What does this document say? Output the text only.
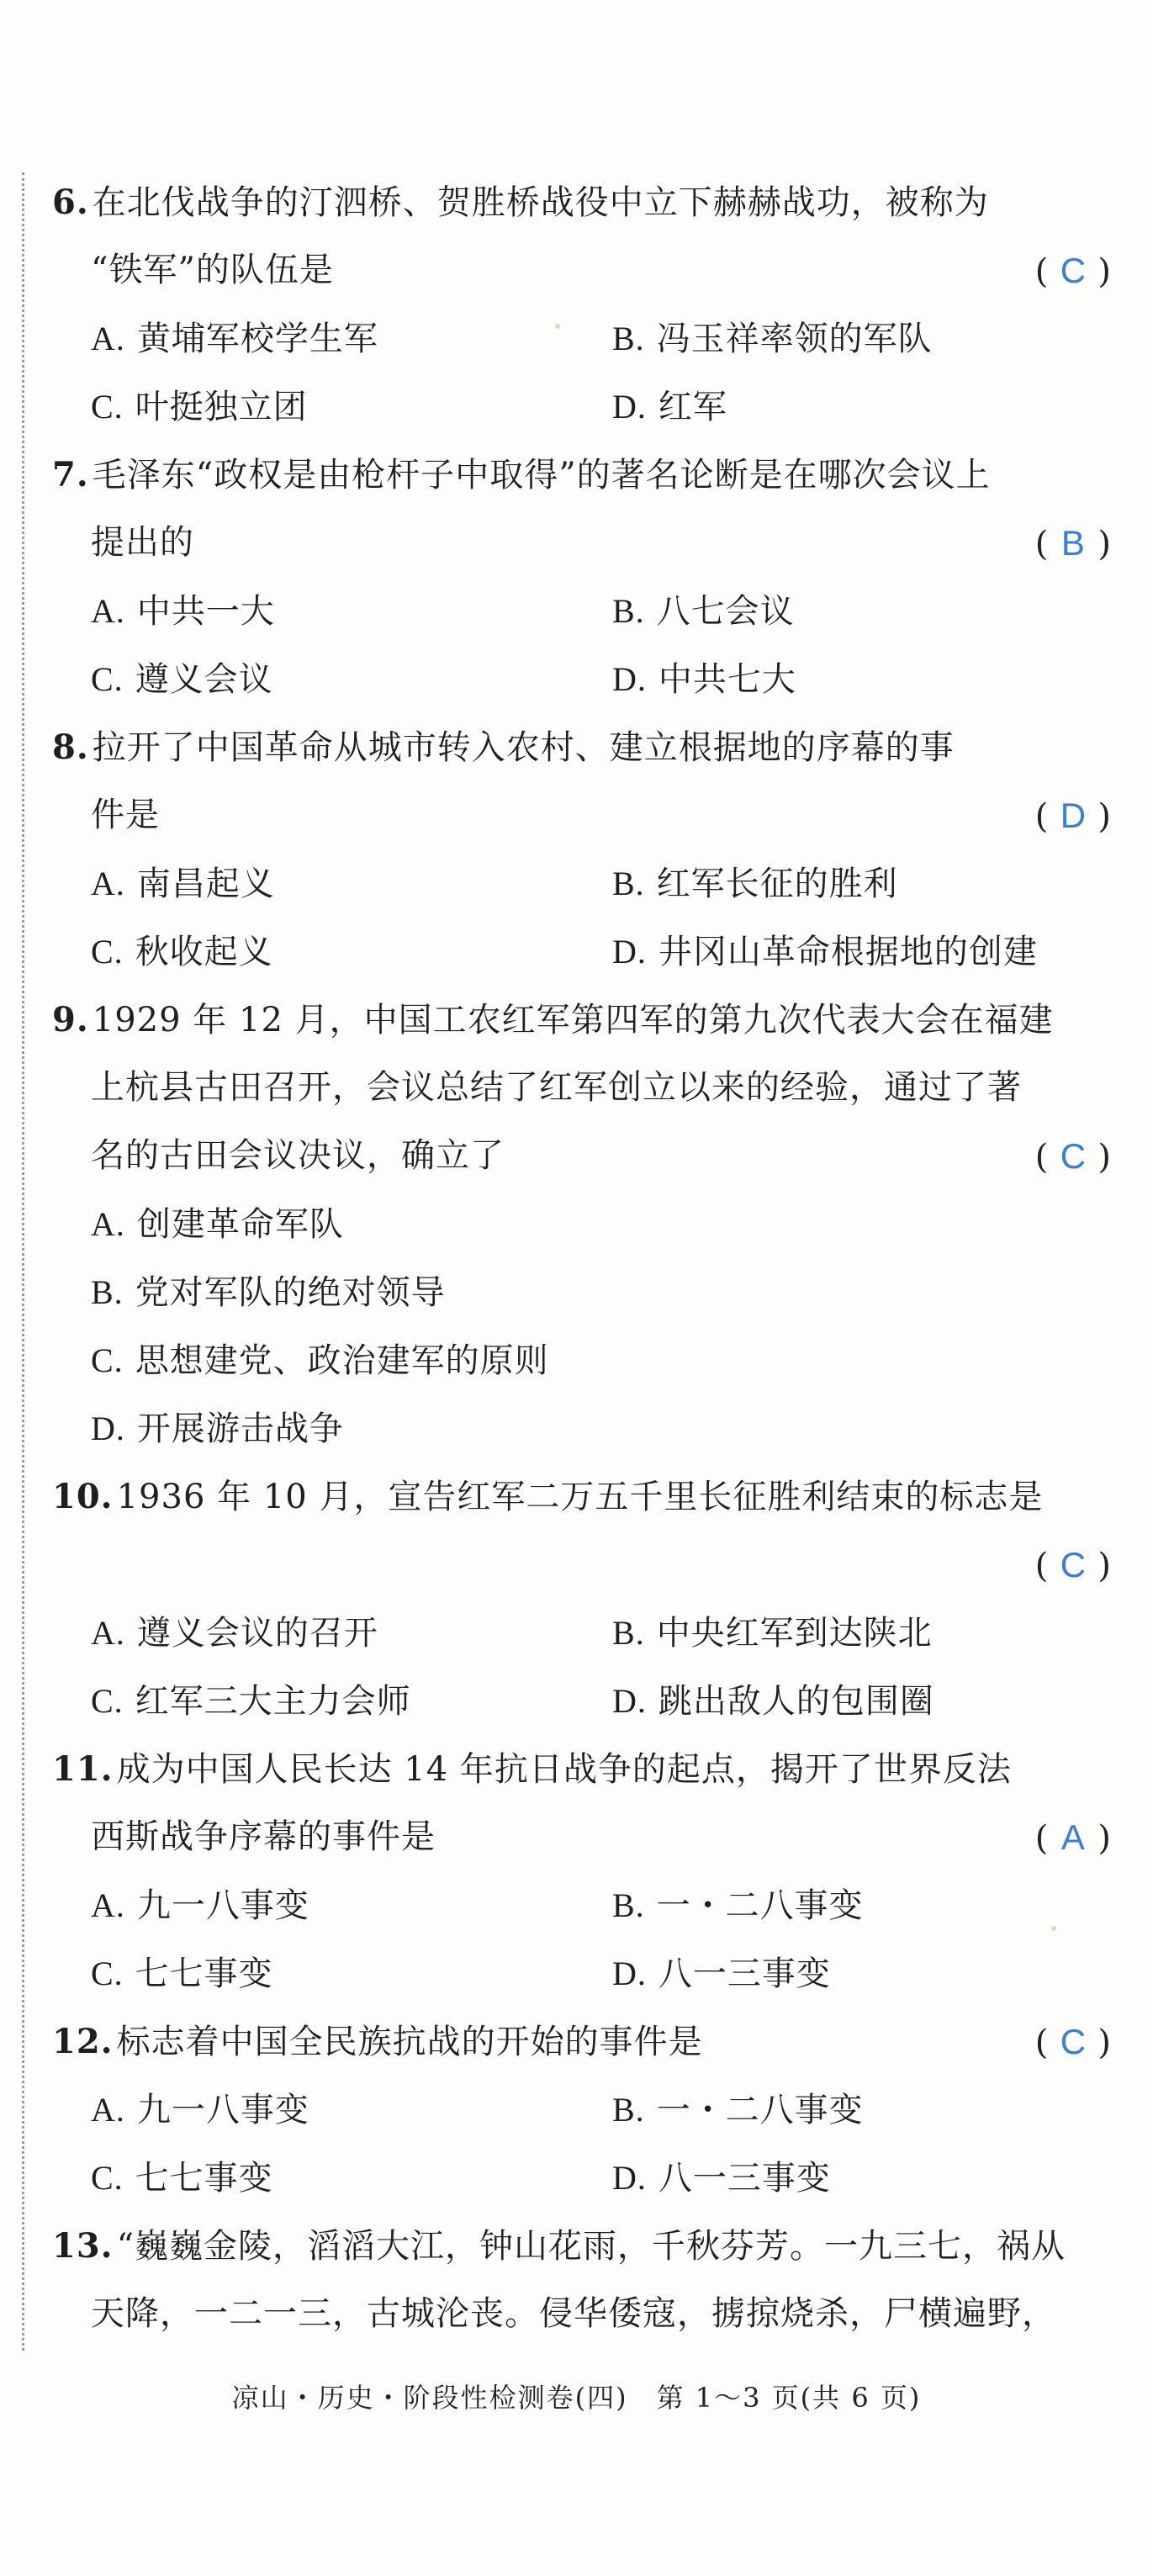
6. 在北伐战争的汀泗桥、贺胜桥战役中立下赫赫战功，被称为
“铁军”的队伍是	( C )
A. 黄埔军校学生军	B. 冯玉祥率领的军队
C. 叶挺独立团	D. 红军
7. 毛泽东“政权是由枪杆子中取得”的著名论断是在哪次会议上
提出的	( B )
A. 中共一大	B. 八七会议
C. 遵义会议	D. 中共七大
8. 拉开了中国革命从城市转入农村、建立根据地的序幕的事
件是	( D )
A. 南昌起义	B. 红军长征的胜利
C. 秋收起义	D. 井冈山革命根据地的创建
9. 1929 年 12 月，中国工农红军第四军的第九次代表大会在福建
上杭县古田召开，会议总结了红军创立以来的经验，通过了著
名的古田会议决议，确立了	( C )
A. 创建革命军队
B. 党对军队的绝对领导
C. 思想建党、政治建军的原则
D. 开展游击战争
10. 1936 年 10 月，宣告红军二万五千里长征胜利结束的标志是
( C )
A. 遵义会议的召开	B. 中央红军到达陕北
C. 红军三大主力会师	D. 跳出敌人的包围圈
11. 成为中国人民长达 14 年抗日战争的起点，揭开了世界反法
西斯战争序幕的事件是	( A )
A. 九一八事变	B. 一・二八事变
C. 七七事变	D. 八一三事变
12. 标志着中国全民族抗战的开始的事件是	( C )
A. 九一八事变	B. 一・二八事变
C. 七七事变	D. 八一三事变
13. “巍巍金陵，滔滔大江，钟山花雨，千秋芬芳。一九三七，祸从
天降，一二一三，古城沦丧。侵华倭寇，掳掠烧杀，尸横遍野，
凉山・历史・阶段性检测卷(四)　第 1～3 页(共 6 页)
